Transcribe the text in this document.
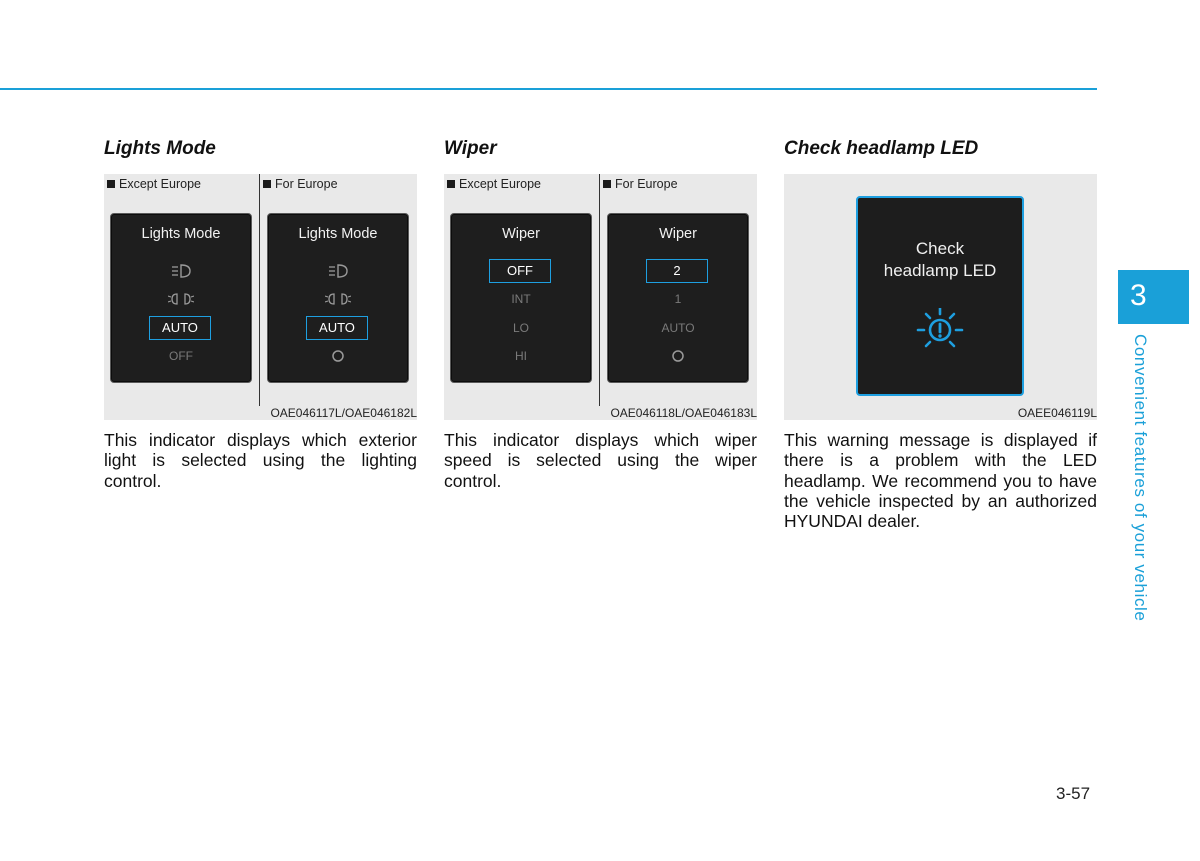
Lights Mode
Except Europe	For Europe
Lights Mode
AUTO
OFF
Lights Mode
AUTO
OAE046117L/OAE046182L

This indicator displays which exterior light is selected using the lighting control.

Wiper
Except Europe	For Europe
Wiper
OFF
INT
LO
HI
Wiper
2
1
AUTO
OAE046118L/OAE046183L

This indicator displays which wiper speed is selected using the wiper control.

Check headlamp LED
Check
headlamp LED
OAEE046119L

This warning message is displayed if there is a problem with the LED headlamp. We recommend you to have the vehicle inspected by an authorized HYUNDAI dealer.

3
Convenient features of your vehicle
3-57
